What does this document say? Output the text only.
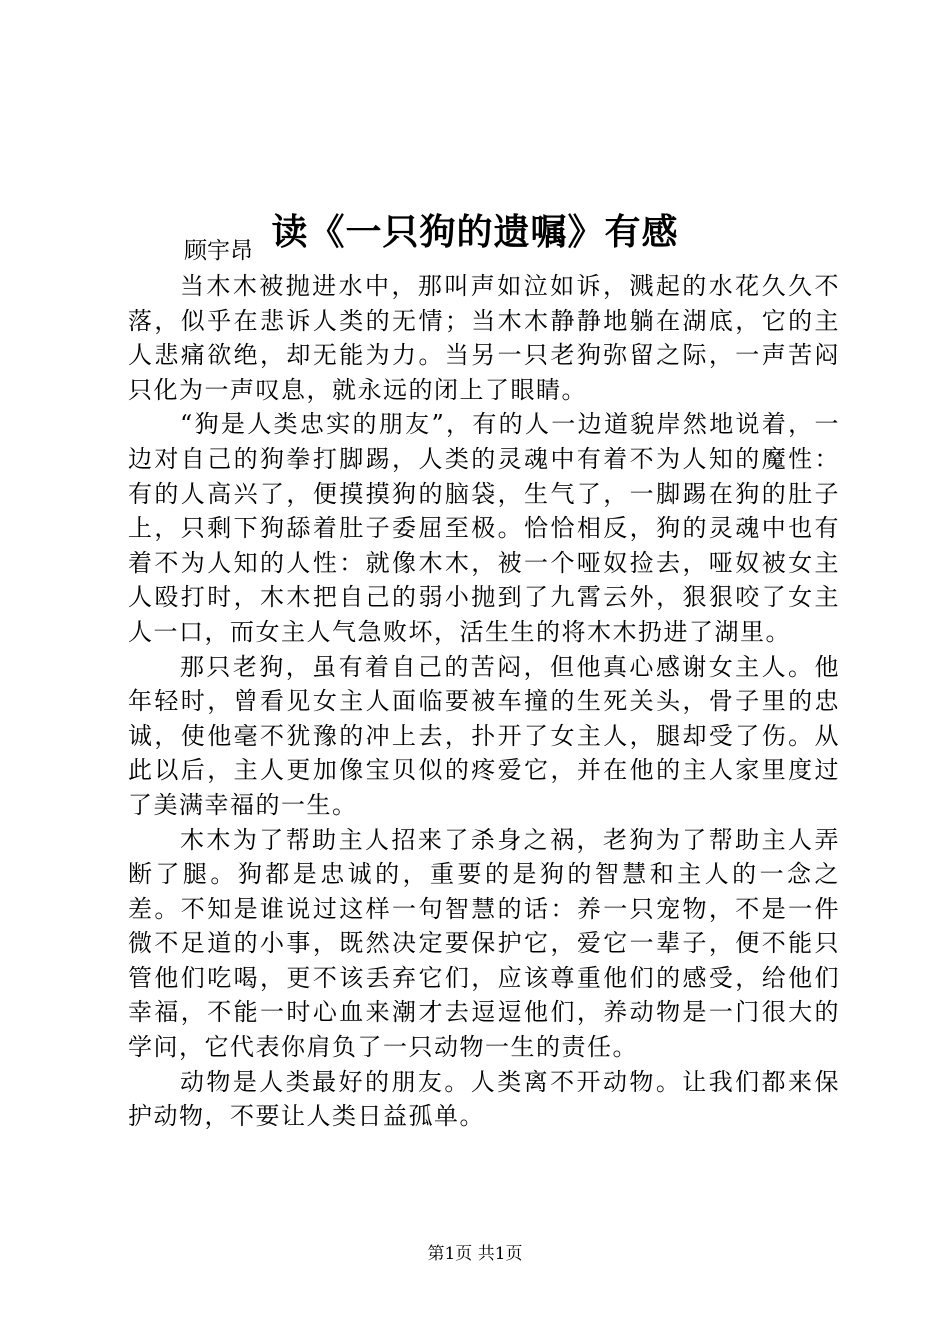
读《一只狗的遗嘱》有感

顾宇昂

当木木被抛进水中，那叫声如泣如诉，溅起的水花久久不落，似乎在悲诉人类的无情；当木木静静地躺在湖底，它的主人悲痛欲绝，却无能为力。当另一只老狗弥留之际，一声苦闷只化为一声叹息，就永远的闭上了眼睛。

“狗是人类忠实的朋友”，有的人一边道貌岸然地说着，一边对自己的狗拳打脚踢，人类的灵魂中有着不为人知的魔性：有的人高兴了，便摸摸狗的脑袋，生气了，一脚踢在狗的肚子上，只剩下狗舔着肚子委屈至极。恰恰相反，狗的灵魂中也有着不为人知的人性：就像木木，被一个哑奴捡去，哑奴被女主人殴打时，木木把自己的弱小抛到了九霄云外，狠狠咬了女主人一口，而女主人气急败坏，活生生的将木木扔进了湖里。

那只老狗，虽有着自己的苦闷，但他真心感谢女主人。他年轻时，曾看见女主人面临要被车撞的生死关头，骨子里的忠诚，使他毫不犹豫的冲上去，扑开了女主人，腿却受了伤。从此以后，主人更加像宝贝似的疼爱它，并在他的主人家里度过了美满幸福的一生。

木木为了帮助主人招来了杀身之祸，老狗为了帮助主人弄断了腿。狗都是忠诚的，重要的是狗的智慧和主人的一念之差。不知是谁说过这样一句智慧的话：养一只宠物，不是一件微不足道的小事，既然决定要保护它，爱它一辈子，便不能只管他们吃喝，更不该丢弃它们，应该尊重他们的感受，给他们幸福，不能一时心血来潮才去逗逗他们，养动物是一门很大的学问，它代表你肩负了一只动物一生的责任。

动物是人类最好的朋友。人类离不开动物。让我们都来保护动物，不要让人类日益孤单。

第1页 共1页
